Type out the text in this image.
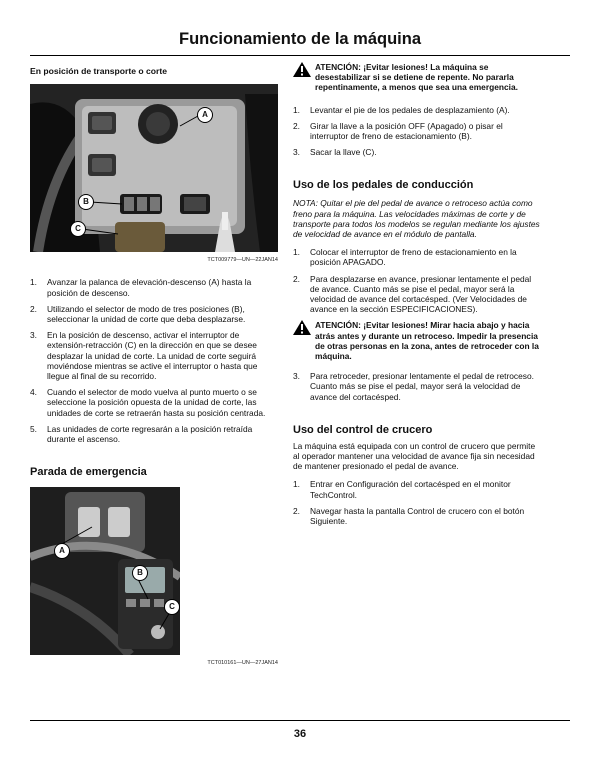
Funcionamiento de la máquina

En posición de transporte o corte

A
B
C
TCT009779—UN—22JAN14
1.	Avanzar la palanca de elevación-descenso (A) hasta la posición de descenso.
2.	Utilizando el selector de modo de tres posiciones (B), seleccionar la unidad de corte que deba desplazarse.
3.	En la posición de descenso, activar el interruptor de extensión-retracción (C) en la dirección en que se desee desplazar la unidad de corte. La unidad de corte seguirá moviéndose mientras se active el interruptor o hasta que llegue al final de su recorrido.
4.	Cuando el selector de modo vuelva al punto muerto o se seleccione la posición opuesta de la unidad de corte, las unidades de corte se retraerán hasta su posición centrada.
5.	Las unidades de corte regresarán a la posición retraída durante el ascenso.

Parada de emergencia

A
B
C
TCT010161—UN—27JAN14
ATENCIÓN: ¡Evitar lesiones! La máquina se desestabilizar si se detiene de repente. No pararla repentinamente, a menos que sea una emergencia.
1.	Levantar el pie de los pedales de desplazamiento (A).
2.	Girar la llave a la posición OFF (Apagado) o pisar el interruptor de freno de estacionamiento (B).
3.	Sacar la llave (C).

Uso de los pedales de conducción

NOTA: Quitar el pie del pedal de avance o retroceso actúa como freno para la máquina. Las velocidades máximas de corte y de transporte para todos los modelos se regulan mediante los ajustes de velocidad de avance en el módulo de pantalla.

1.	Colocar el interruptor de freno de estacionamiento en la posición APAGADO.
2.	Para desplazarse en avance, presionar lentamente el pedal de avance. Cuanto más se pise el pedal, mayor será la velocidad de avance del cortacésped. (Ver Velocidades de avance en la sección ESPECIFICACIONES).
ATENCIÓN: ¡Evitar lesiones! Mirar hacia abajo y hacia atrás antes y durante un retroceso. Impedir la presencia de otras personas en la zona, antes de retroceder con la máquina.
3.	Para retroceder, presionar lentamente el pedal de retroceso. Cuanto más se pise el pedal, mayor será la velocidad de avance del cortacésped.

Uso del control de crucero

La máquina está equipada con un control de crucero que permite al operador mantener una velocidad de avance fija sin necesidad de mantener presionado el pedal de avance.

1.	Entrar en Configuración del cortacésped en el monitor TechControl.
2.	Navegar hasta la pantalla Control de crucero con el botón Siguiente.
36
